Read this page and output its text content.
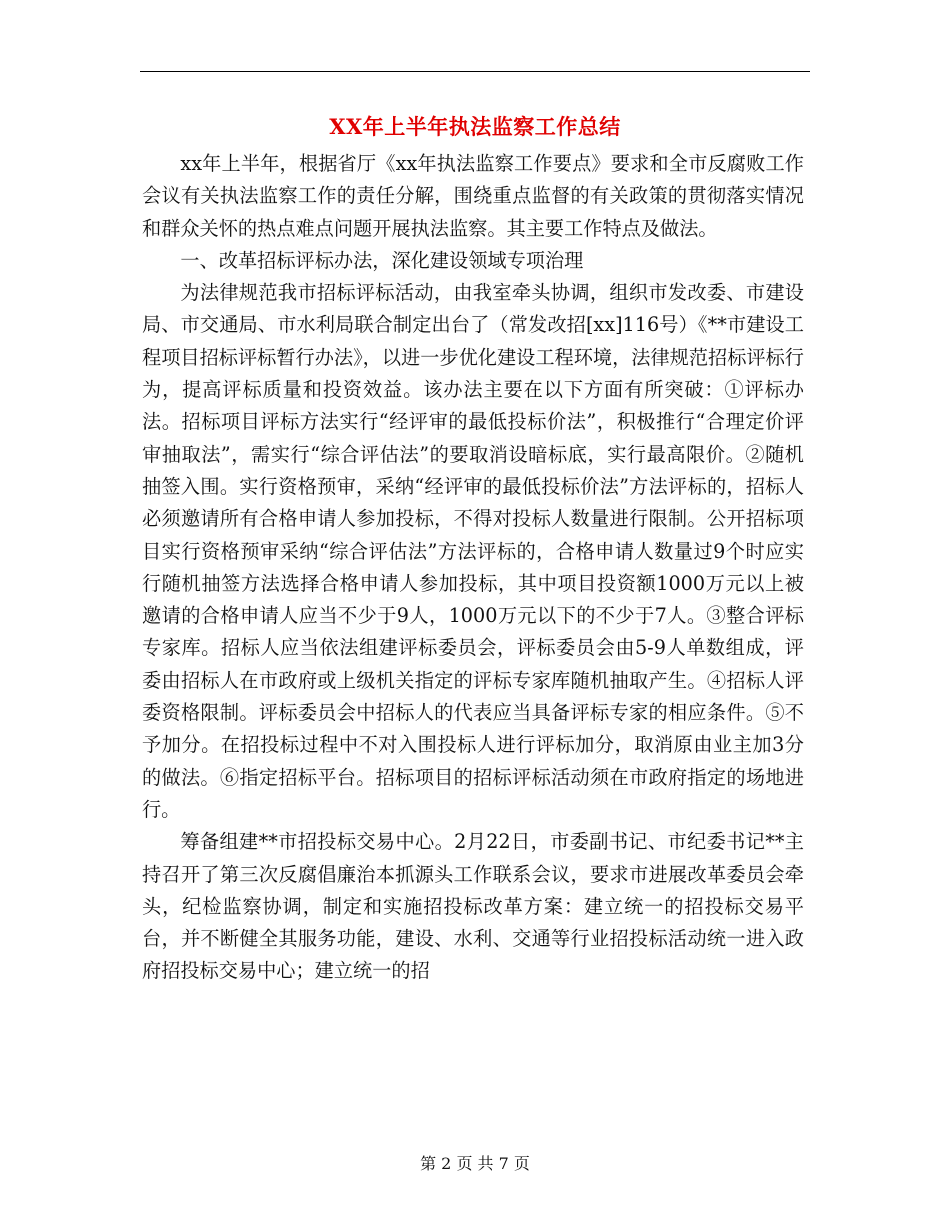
XX年上半年执法监察工作总结

xx年上半年，根据省厅《xx年执法监察工作要点》要求和全市反腐败工作会议有关执法监察工作的责任分解，围绕重点监督的有关政策的贯彻落实情况和群众关怀的热点难点问题开展执法监察。其主要工作特点及做法。

一、改革招标评标办法，深化建设领域专项治理

为法律规范我市招标评标活动，由我室牵头协调，组织市发改委、市建设局、市交通局、市水利局联合制定出台了（常发改招[xx]116号）《**市建设工程项目招标评标暂行办法》，以进一步优化建设工程环境，法律规范招标评标行为，提高评标质量和投资效益。该办法主要在以下方面有所突破：①评标办法。招标项目评标方法实行“经评审的最低投标价法”，积极推行“合理定价评审抽取法”，需实行“综合评估法”的要取消设暗标底，实行最高限价。②随机抽签入围。实行资格预审，采纳“经评审的最低投标价法”方法评标的，招标人必须邀请所有合格申请人参加投标，不得对投标人数量进行限制。公开招标项目实行资格预审采纳“综合评估法”方法评标的，合格申请人数量过9个时应实行随机抽签方法选择合格申请人参加投标，其中项目投资额1000万元以上被邀请的合格申请人应当不少于9人，1000万元以下的不少于7人。③整合评标专家库。招标人应当依法组建评标委员会，评标委员会由5-9人单数组成，评委由招标人在市政府或上级机关指定的评标专家库随机抽取产生。④招标人评委资格限制。评标委员会中招标人的代表应当具备评标专家的相应条件。⑤不予加分。在招投标过程中不对入围投标人进行评标加分，取消原由业主加3分的做法。⑥指定招标平台。招标项目的招标评标活动须在市政府指定的场地进行。

筹备组建**市招投标交易中心。2月22日，市委副书记、市纪委书记**主持召开了第三次反腐倡廉治本抓源头工作联系会议，要求市进展改革委员会牵头，纪检监察协调，制定和实施招投标改革方案：建立统一的招投标交易平台，并不断健全其服务功能，建设、水利、交通等行业招投标活动统一进入政府招投标交易中心；建立统一的招

第 2 页 共 7 页
